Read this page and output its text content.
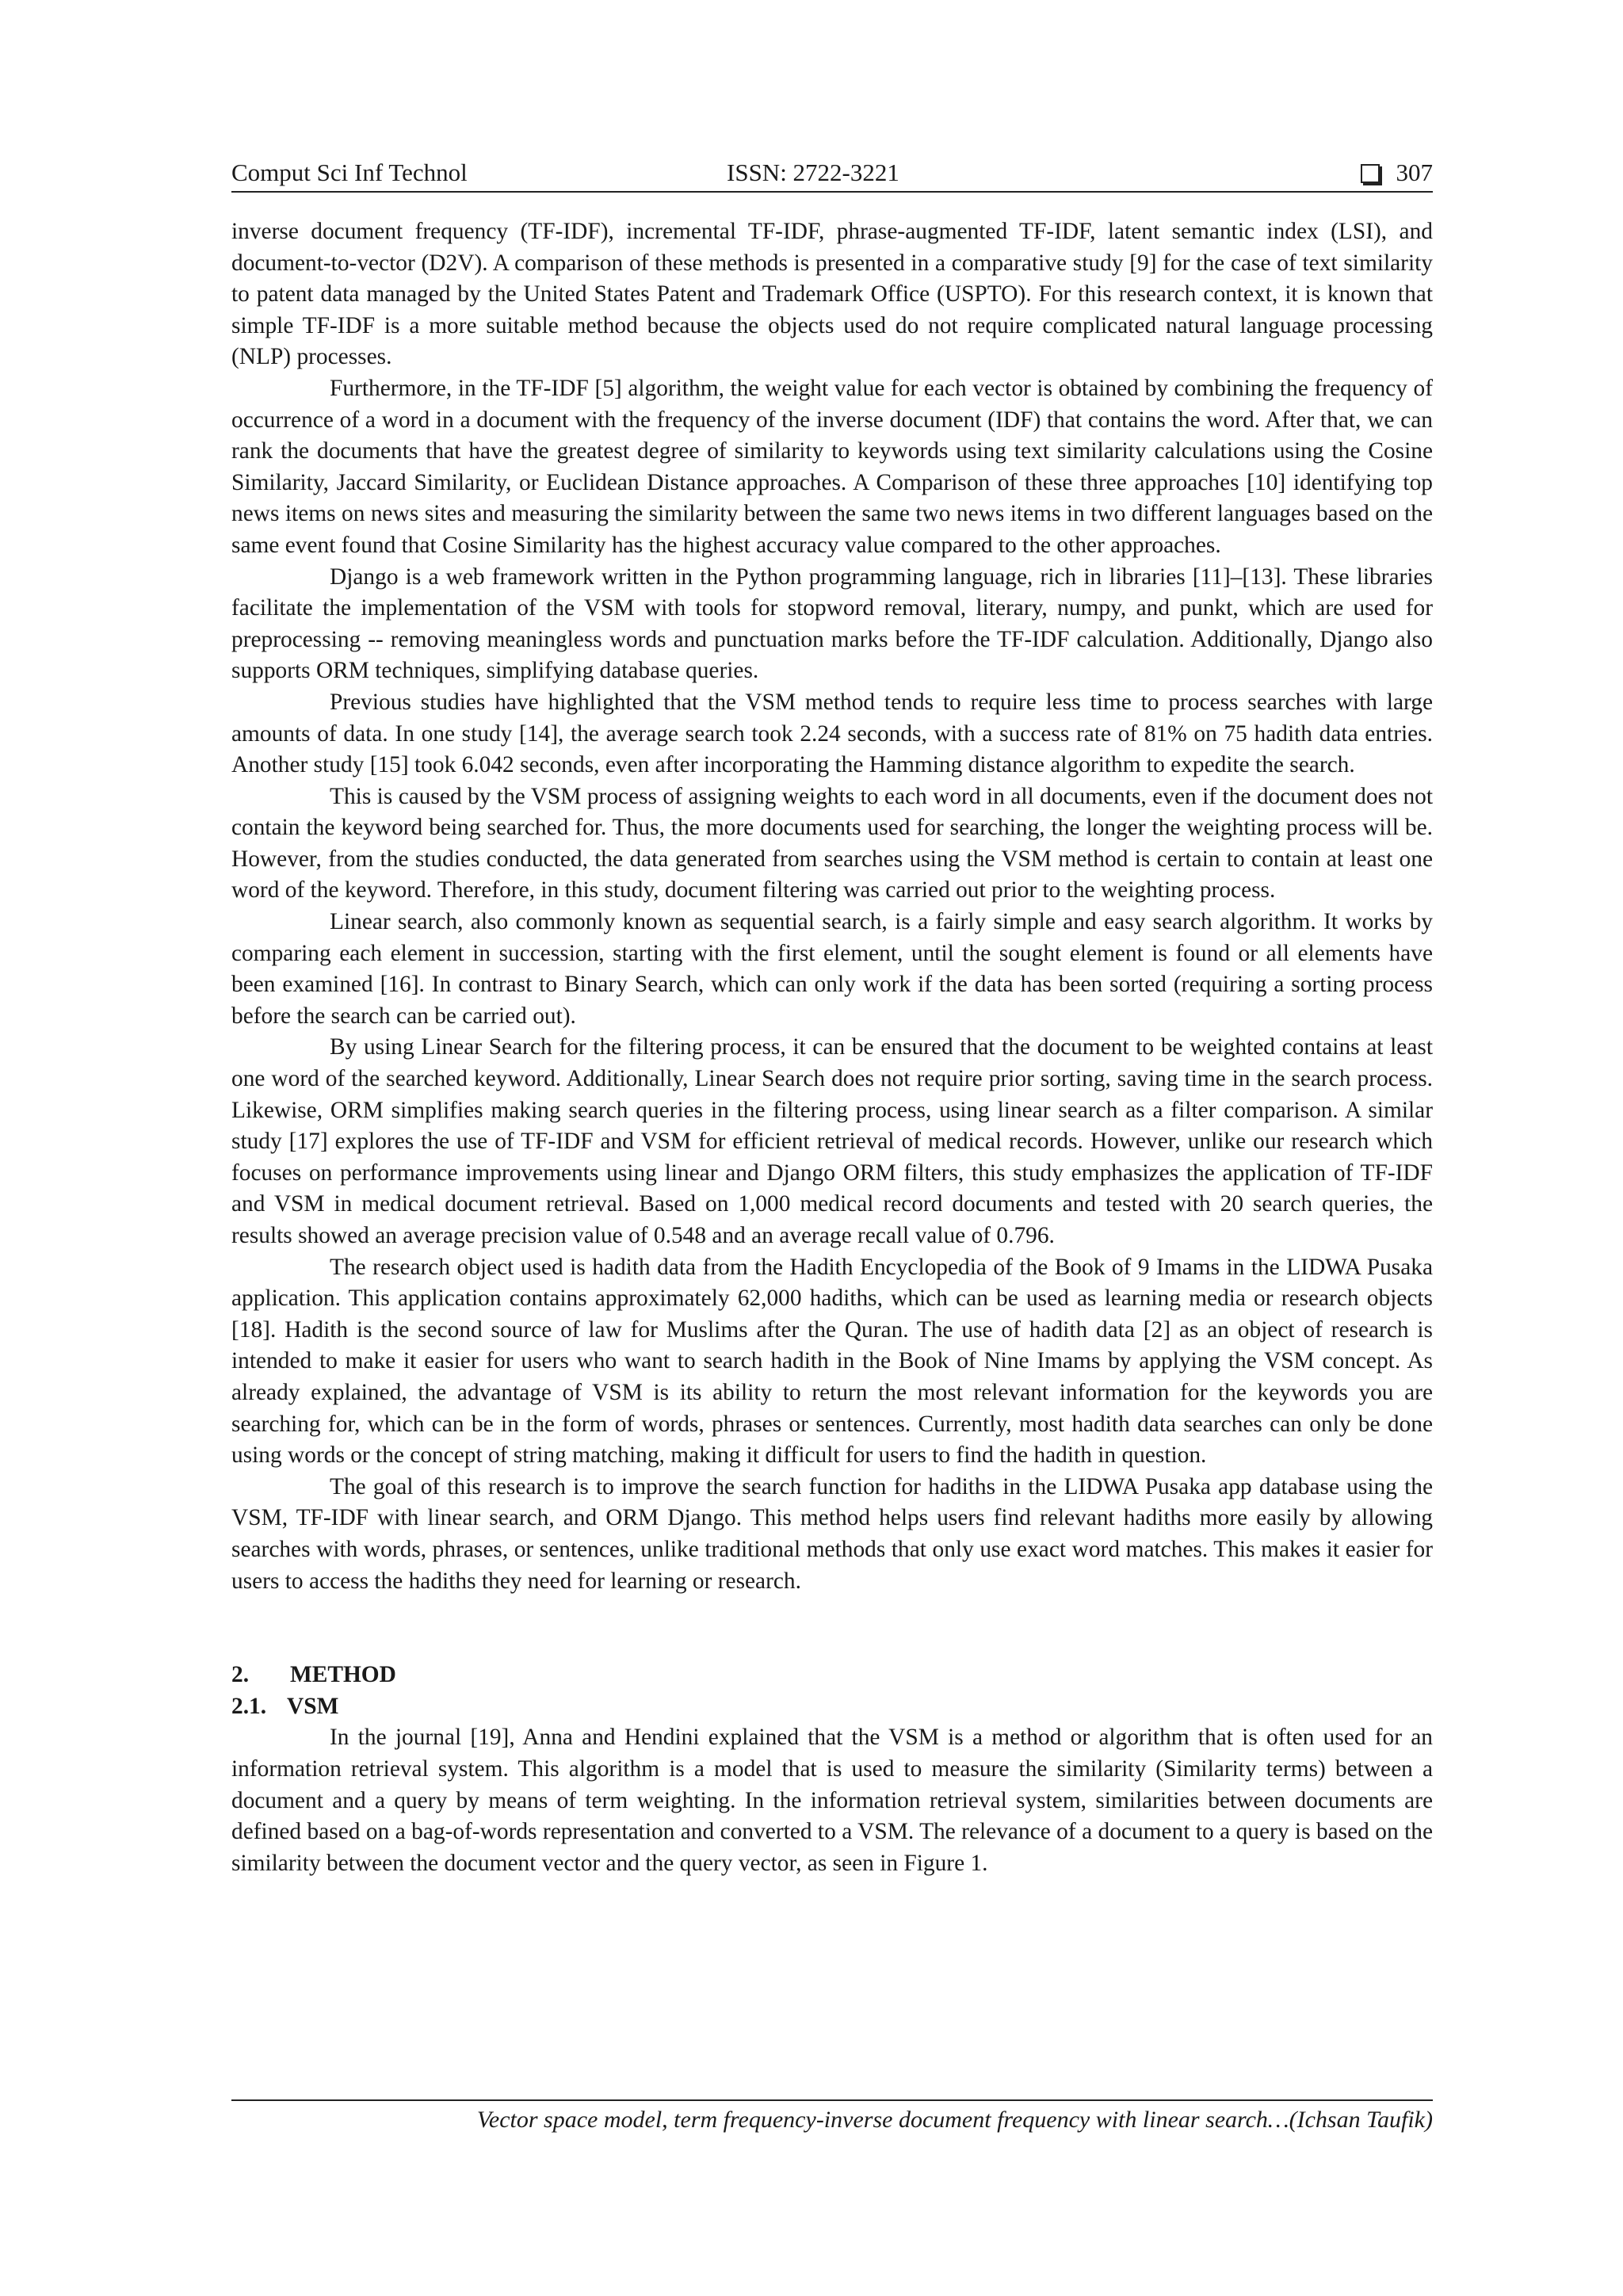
Comput Sci Inf Technol	ISSN: 2722-3221	307

inverse document frequency (TF-IDF), incremental TF-IDF, phrase-augmented TF-IDF, latent semantic index (LSI), and document-to-vector (D2V). A comparison of these methods is presented in a comparative study [9] for the case of text similarity to patent data managed by the United States Patent and Trademark Office (USPTO). For this research context, it is known that simple TF-IDF is a more suitable method because the objects used do not require complicated natural language processing (NLP) processes.

Furthermore, in the TF-IDF [5] algorithm, the weight value for each vector is obtained by combining the frequency of occurrence of a word in a document with the frequency of the inverse document (IDF) that contains the word. After that, we can rank the documents that have the greatest degree of similarity to keywords using text similarity calculations using the Cosine Similarity, Jaccard Similarity, or Euclidean Distance approaches. A Comparison of these three approaches [10] identifying top news items on news sites and measuring the similarity between the same two news items in two different languages based on the same event found that Cosine Similarity has the highest accuracy value compared to the other approaches.

Django is a web framework written in the Python programming language, rich in libraries [11]–[13]. These libraries facilitate the implementation of the VSM with tools for stopword removal, literary, numpy, and punkt, which are used for preprocessing -- removing meaningless words and punctuation marks before the TF-IDF calculation. Additionally, Django also supports ORM techniques, simplifying database queries.

Previous studies have highlighted that the VSM method tends to require less time to process searches with large amounts of data. In one study [14], the average search took 2.24 seconds, with a success rate of 81% on 75 hadith data entries. Another study [15] took 6.042 seconds, even after incorporating the Hamming distance algorithm to expedite the search.

This is caused by the VSM process of assigning weights to each word in all documents, even if the document does not contain the keyword being searched for. Thus, the more documents used for searching, the longer the weighting process will be. However, from the studies conducted, the data generated from searches using the VSM method is certain to contain at least one word of the keyword. Therefore, in this study, document filtering was carried out prior to the weighting process.

Linear search, also commonly known as sequential search, is a fairly simple and easy search algorithm. It works by comparing each element in succession, starting with the first element, until the sought element is found or all elements have been examined [16]. In contrast to Binary Search, which can only work if the data has been sorted (requiring a sorting process before the search can be carried out).

By using Linear Search for the filtering process, it can be ensured that the document to be weighted contains at least one word of the searched keyword. Additionally, Linear Search does not require prior sorting, saving time in the search process. Likewise, ORM simplifies making search queries in the filtering process, using linear search as a filter comparison. A similar study [17] explores the use of TF-IDF and VSM for efficient retrieval of medical records. However, unlike our research which focuses on performance improvements using linear and Django ORM filters, this study emphasizes the application of TF-IDF and VSM in medical document retrieval. Based on 1,000 medical record documents and tested with 20 search queries, the results showed an average precision value of 0.548 and an average recall value of 0.796.

The research object used is hadith data from the Hadith Encyclopedia of the Book of 9 Imams in the LIDWA Pusaka application. This application contains approximately 62,000 hadiths, which can be used as learning media or research objects [18]. Hadith is the second source of law for Muslims after the Quran. The use of hadith data [2] as an object of research is intended to make it easier for users who want to search hadith in the Book of Nine Imams by applying the VSM concept. As already explained, the advantage of VSM is its ability to return the most relevant information for the keywords you are searching for, which can be in the form of words, phrases or sentences. Currently, most hadith data searches can only be done using words or the concept of string matching, making it difficult for users to find the hadith in question.

The goal of this research is to improve the search function for hadiths in the LIDWA Pusaka app database using the VSM, TF-IDF with linear search, and ORM Django. This method helps users find relevant hadiths more easily by allowing searches with words, phrases, or sentences, unlike traditional methods that only use exact word matches. This makes it easier for users to access the hadiths they need for learning or research.

2. METHOD
2.1. VSM

In the journal [19], Anna and Hendini explained that the VSM is a method or algorithm that is often used for an information retrieval system. This algorithm is a model that is used to measure the similarity (Similarity terms) between a document and a query by means of term weighting. In the information retrieval system, similarities between documents are defined based on a bag-of-words representation and converted to a VSM. The relevance of a document to a query is based on the similarity between the document vector and the query vector, as seen in Figure 1.

Vector space model, term frequency-inverse document frequency with linear search…(Ichsan Taufik)
